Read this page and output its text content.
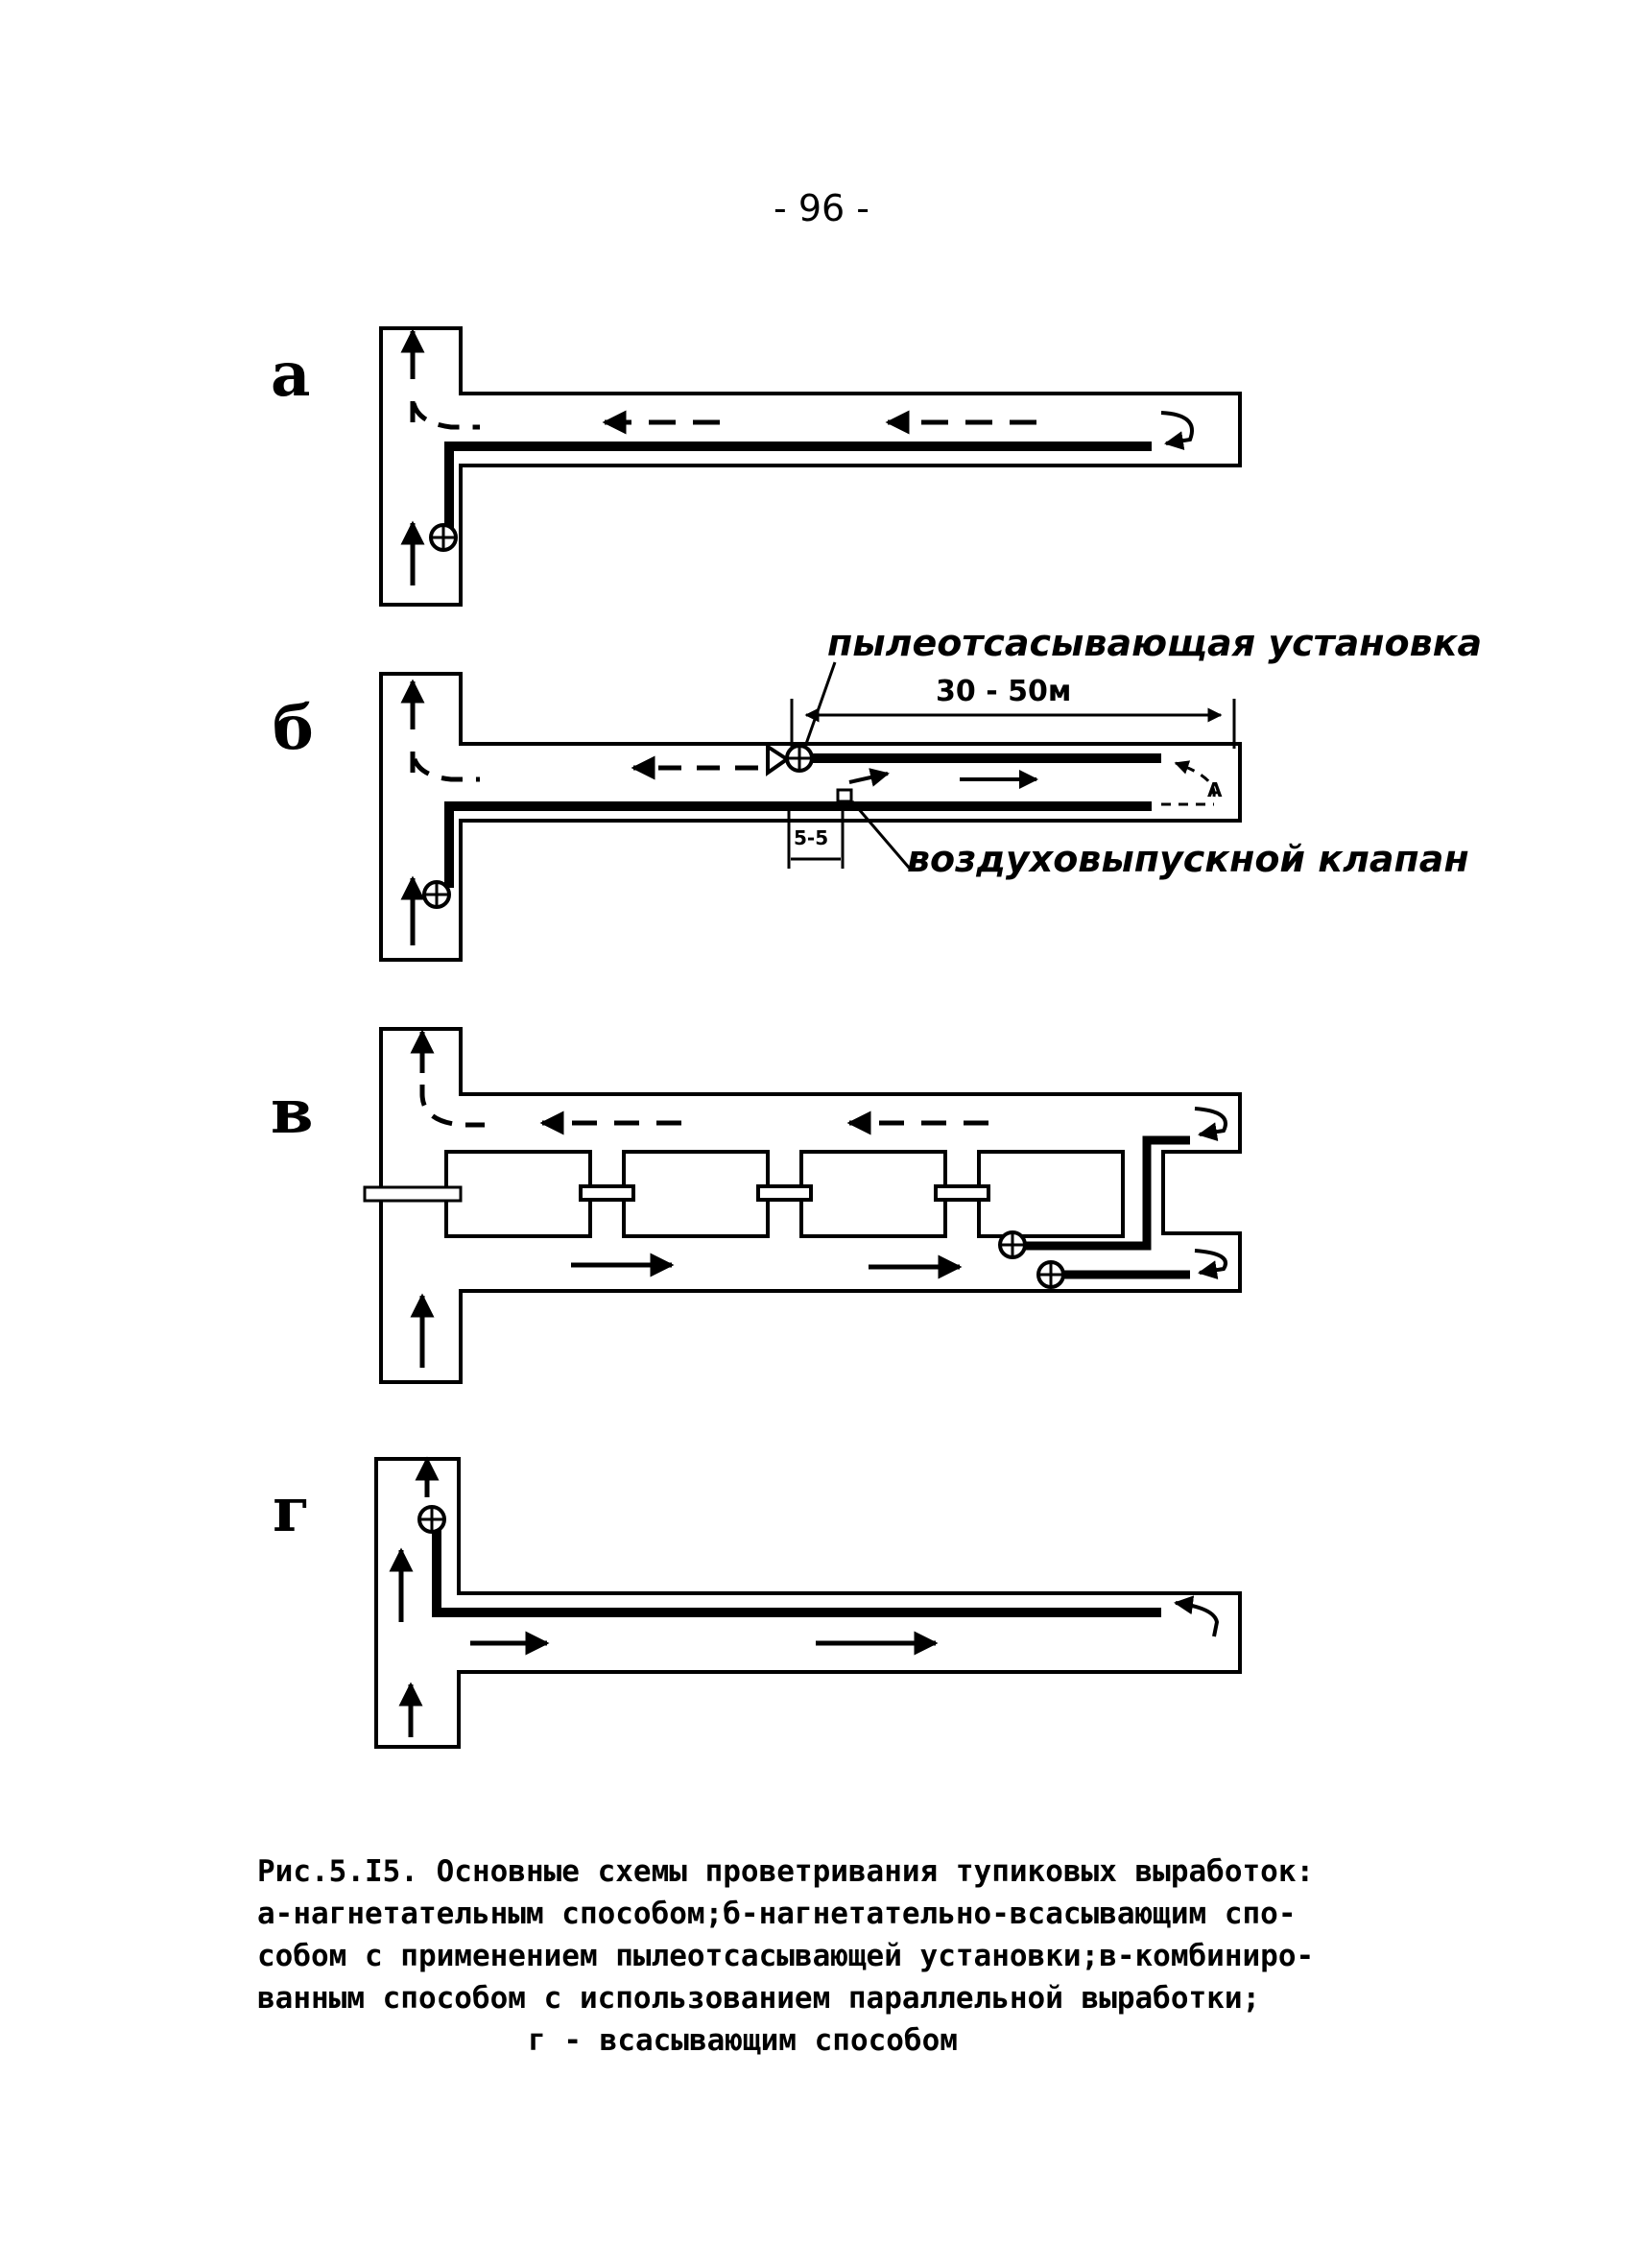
- 96 -
a
б
А
пылеотсасывающая установка
30 - 50м
5-5 воздуховыпускной клапан
в
г
Рис.5.I5. Основные схемы проветривания тупиковых выработок:
а-нагнетательным способом;б-нагнетательно-всасывающим спо-
собом с применением пылеотсасывающей установки;в-комбиниро-
ванным способом с использованием параллельной выработки;
г - всасывающим способом
